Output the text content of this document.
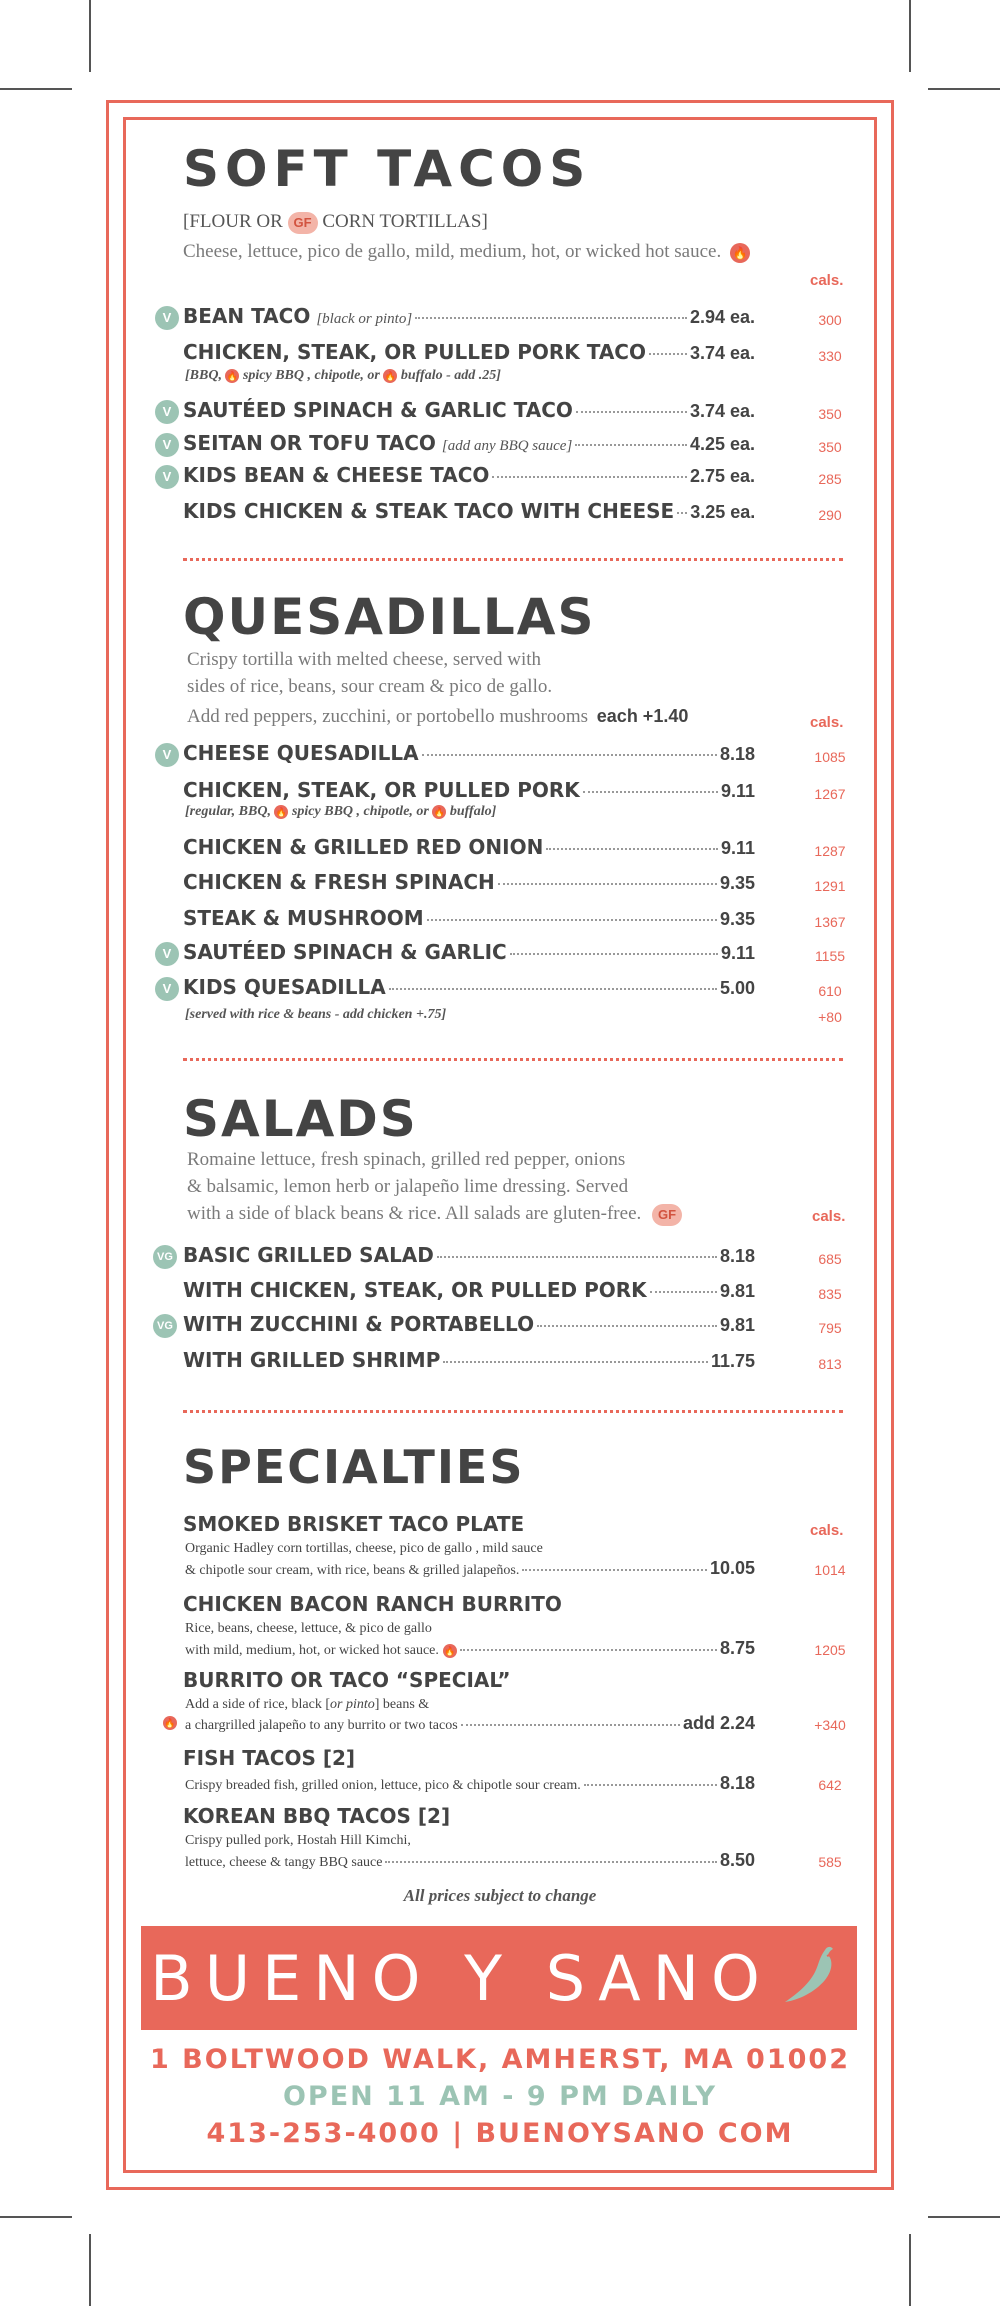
SOFT TACOS
[FLOUR OR GF CORN TORTILLAS]
Cheese, lettuce, pico de gallo, mild, medium, hot, or wicked hot sauce. 🔥
cals.
V BEAN TACO [black or pinto]	2.94 ea.	300
CHICKEN, STEAK, OR PULLED PORK TACO 3.74 ea.	330
[BBQ, 🔥 spicy BBQ , chipotle, or 🔥 buffalo - add .25]
V SAUTÉED SPINACH & GARLIC TACO	3.74 ea.	350
V SEITAN OR TOFU TACO [add any BBQ sauce]	4.25 ea.	350
V KIDS BEAN & CHEESE TACO	2.75 ea.	285
KIDS CHICKEN & STEAK TACO WITH CHEESE 3.25 ea.	290
QUESADILLAS
Crispy tortilla with melted cheese, served with
sides of rice, beans, sour cream & pico de gallo.
Add red peppers, zucchini, or portobello mushrooms each +1.40	cals.
V CHEESE QUESADILLA	8.18	1085
CHICKEN, STEAK, OR PULLED PORK	9.11	1267
[regular, BBQ, 🔥 spicy BBQ , chipotle, or 🔥 buffalo]
CHICKEN & GRILLED RED ONION	9.11	1287
CHICKEN & FRESH SPINACH	9.35	1291
STEAK & MUSHROOM	9.35	1367
V SAUTÉED SPINACH & GARLIC	9.11	1155
V KIDS QUESADILLA	5.00	610
[served with rice & beans - add chicken +.75]	+80
SALADS
Romaine lettuce, fresh spinach, grilled red pepper, onions
& balsamic, lemon herb or jalapeño lime dressing. Served
with a side of black beans & rice. All salads are gluten-free. GF	cals.
VG BASIC GRILLED SALAD	8.18	685
WITH CHICKEN, STEAK, OR PULLED PORK	9.81	835
VG WITH ZUCCHINI & PORTABELLO	9.81	795
WITH GRILLED SHRIMP	11.75	813
SPECIALTIES
cals.
SMOKED BRISKET TACO PLATE
Organic Hadley corn tortillas, cheese, pico de gallo , mild sauce
& chipotle sour cream, with rice, beans & grilled jalapeños.	10.05	1014
CHICKEN BACON RANCH BURRITO
Rice, beans, cheese, lettuce, & pico de gallo
with mild, medium, hot, or wicked hot sauce. 🔥	8.75	1205
BURRITO OR TACO “SPECIAL”
Add a side of rice, black [or pinto] beans &
🔥 a chargrilled jalapeño to any burrito or two tacos	add 2.24	+340
FISH TACOS [2]
Crispy breaded fish, grilled onion, lettuce, pico & chipotle sour cream.	8.18	642
KOREAN BBQ TACOS [2]
Crispy pulled pork, Hostah Hill Kimchi,
lettuce, cheese & tangy BBQ sauce	8.50	585
All prices subject to change
BUENO Y SANO
1 BOLTWOOD WALK, AMHERST, MA 01002
OPEN 11 AM - 9 PM DAILY
413-253-4000 | BUENOYSANO COM
